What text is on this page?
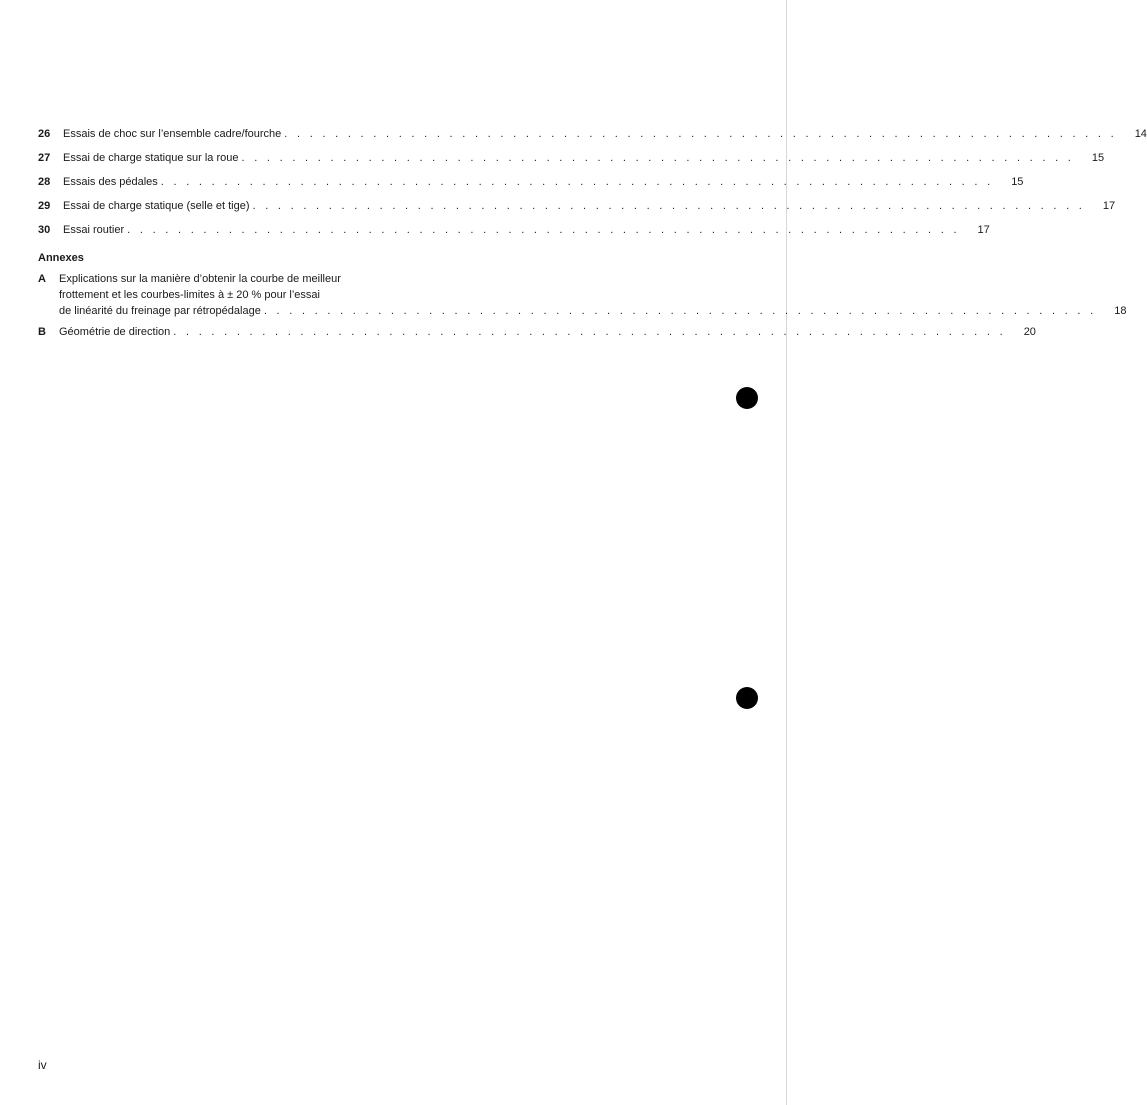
26	Essais de choc sur l’ensemble cadre/fourche . . . . . . . . . . . . . . . . . . . . . . . . . . . . . . . . . . . . . . . . . . . . . . . . . . . . . . . . . . . . . . . . . .	14
27	Essai de charge statique sur la roue . . . . . . . . . . . . . . . . . . . . . . . . . . . . . . . . . . . . . . . . . . . . . . . . . . . . . . . . . . . . . . . . . .	15
28	Essais des pédales . . . . . . . . . . . . . . . . . . . . . . . . . . . . . . . . . . . . . . . . . . . . . . . . . . . . . . . . . . . . . . . . . .	15
29	Essai de charge statique (selle et tige) . . . . . . . . . . . . . . . . . . . . . . . . . . . . . . . . . . . . . . . . . . . . . . . . . . . . . . . . . . . . . . . . . .	17
30	Essai routier . . . . . . . . . . . . . . . . . . . . . . . . . . . . . . . . . . . . . . . . . . . . . . . . . . . . . . . . . . . . . . . . . .	17
Annexes
A	Explications sur la manière d’obtenir la courbe de meilleur
frottement et les courbes-limites à ± 20 % pour l’essai
de linéarité du freinage par rétropédalage . . . . . . . . . . . . . . . . . . . . . . . . . . . . . . . . . . . . . . . . . . . . . . . . . . . . . . . . . . . . . . . . . .	18
B	Géométrie de direction . . . . . . . . . . . . . . . . . . . . . . . . . . . . . . . . . . . . . . . . . . . . . . . . . . . . . . . . . . . . . . . . . .	20
iv
